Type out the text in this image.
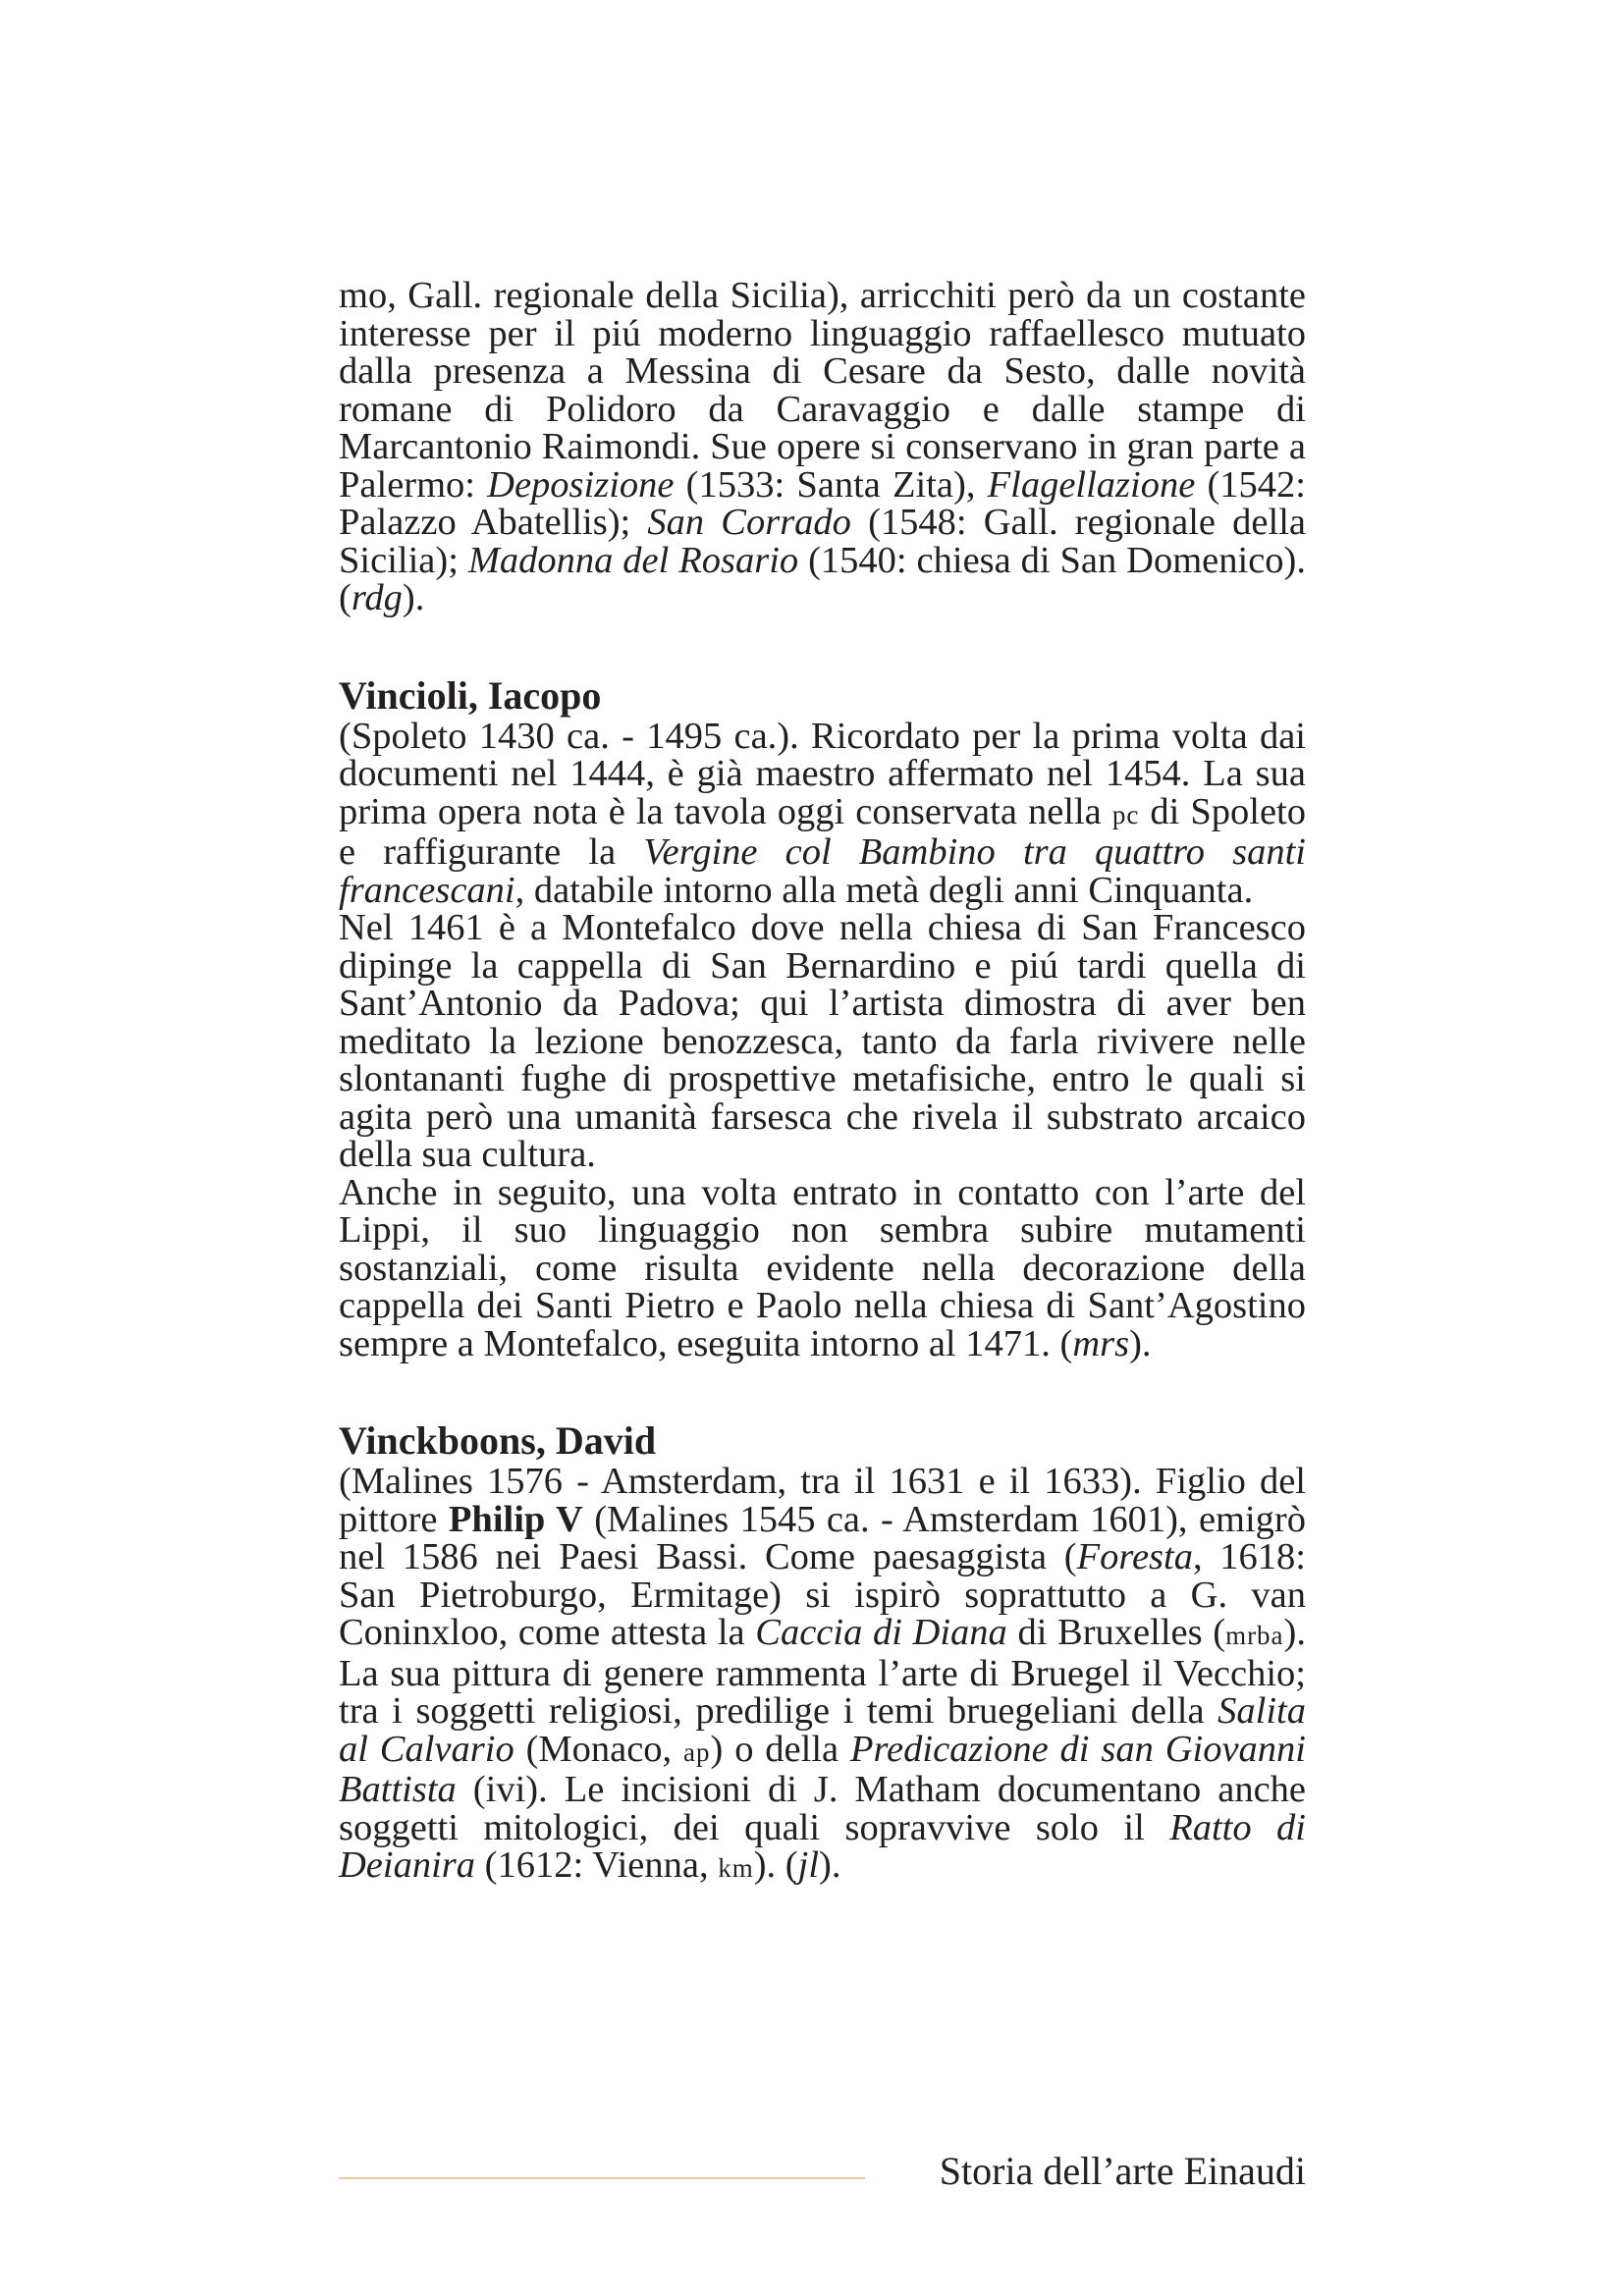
mo, Gall. regionale della Sicilia), arricchiti però da un costante interesse per il piú moderno linguaggio raffaellesco mutuato dalla presenza a Messina di Cesare da Sesto, dalle novità romane di Polidoro da Caravaggio e dalle stampe di Marcantonio Raimondi. Sue opere si conservano in gran parte a Palermo: Deposizione (1533: Santa Zita), Flagellazione (1542: Palazzo Abatellis); San Corrado (1548: Gall. regionale della Sicilia); Madonna del Rosario (1540: chiesa di San Domenico). (rdg).

Vincioli, Iacopo

(Spoleto 1430 ca. - 1495 ca.). Ricordato per la prima volta dai documenti nel 1444, è già maestro affermato nel 1454. La sua prima opera nota è la tavola oggi conservata nella pc di Spoleto e raffigurante la Vergine col Bambino tra quattro santi francescani, databile intorno alla metà degli anni Cinquanta.

Nel 1461 è a Montefalco dove nella chiesa di San Francesco dipinge la cappella di San Bernardino e piú tardi quella di Sant’Antonio da Padova; qui l’artista dimostra di aver ben meditato la lezione benozzesca, tanto da farla rivivere nelle slontananti fughe di prospettive metafisiche, entro le quali si agita però una umanità farsesca che rivela il substrato arcaico della sua cultura.

Anche in seguito, una volta entrato in contatto con l’arte del Lippi, il suo linguaggio non sembra subire mutamenti sostanziali, come risulta evidente nella decorazione della cappella dei Santi Pietro e Paolo nella chiesa di Sant’Agostino sempre a Montefalco, eseguita intorno al 1471. (mrs).

Vinckboons, David

(Malines 1576 - Amsterdam, tra il 1631 e il 1633). Figlio del pittore Philip V (Malines 1545 ca. - Amsterdam 1601), emigrò nel 1586 nei Paesi Bassi. Come paesaggista (Foresta, 1618: San Pietroburgo, Ermitage) si ispirò soprattutto a G. van Coninxloo, come attesta la Caccia di Diana di Bruxelles (mrba). La sua pittura di genere rammenta l’arte di Bruegel il Vecchio; tra i soggetti religiosi, predilige i temi bruegeliani della Salita al Calvario (Monaco, ap) o della Predicazione di san Giovanni Battista (ivi). Le incisioni di J. Matham documentano anche soggetti mitologici, dei quali sopravvive solo il Ratto di Deianira (1612: Vienna, km). (jl).

Storia dell’arte Einaudi
